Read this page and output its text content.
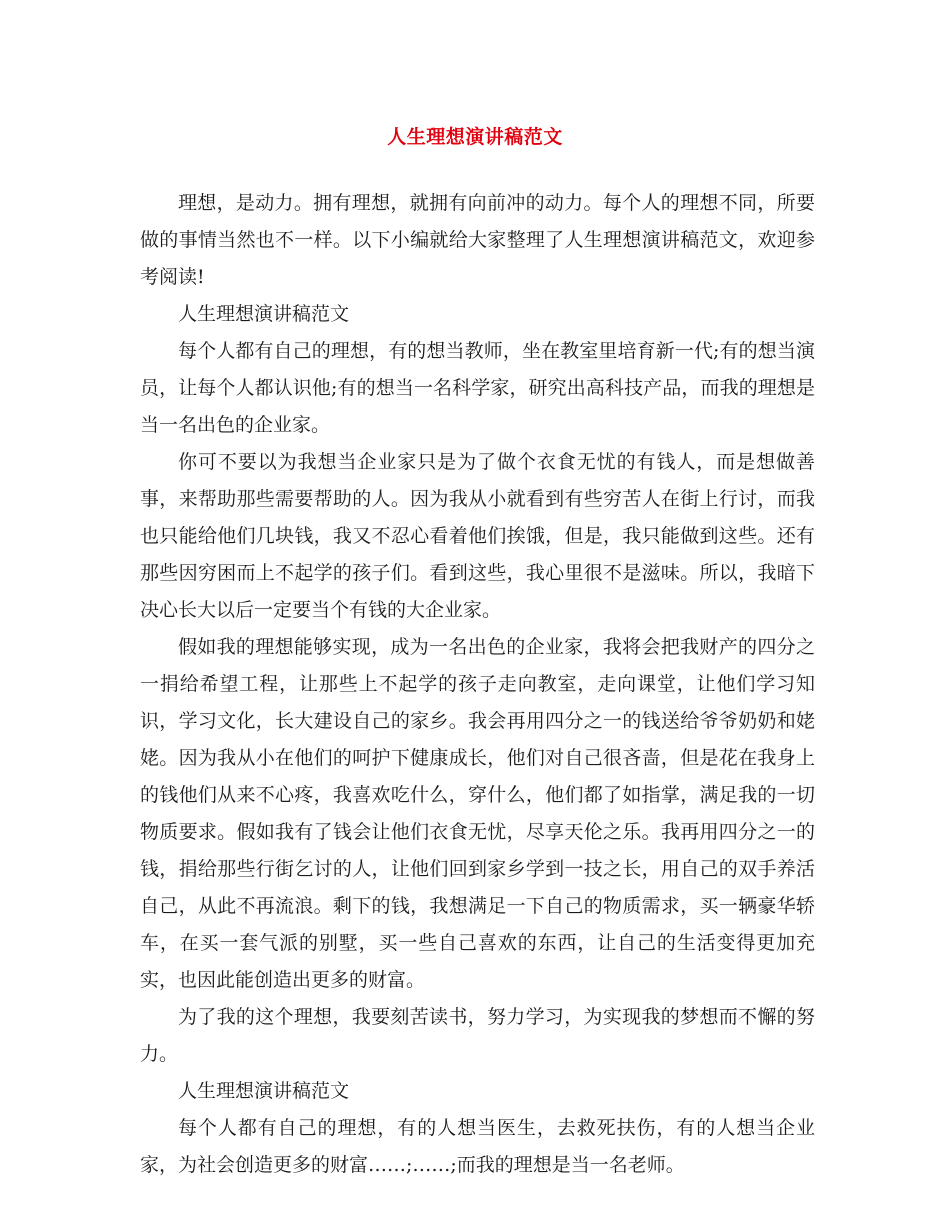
人生理想演讲稿范文

理想，是动力。拥有理想，就拥有向前冲的动力。每个人的理想不同，所要做的事情当然也不一样。以下小编就给大家整理了人生理想演讲稿范文，欢迎参考阅读!

人生理想演讲稿范文

每个人都有自己的理想，有的想当教师，坐在教室里培育新一代;有的想当演员，让每个人都认识他;有的想当一名科学家，研究出高科技产品，而我的理想是当一名出色的企业家。

你可不要以为我想当企业家只是为了做个衣食无忧的有钱人，而是想做善事，来帮助那些需要帮助的人。因为我从小就看到有些穷苦人在街上行讨，而我也只能给他们几块钱，我又不忍心看着他们挨饿，但是，我只能做到这些。还有那些因穷困而上不起学的孩子们。看到这些，我心里很不是滋味。所以，我暗下决心长大以后一定要当个有钱的大企业家。

假如我的理想能够实现，成为一名出色的企业家，我将会把我财产的四分之一捐给希望工程，让那些上不起学的孩子走向教室，走向课堂，让他们学习知识，学习文化，长大建设自己的家乡。我会再用四分之一的钱送给爷爷奶奶和姥姥。因为我从小在他们的呵护下健康成长，他们对自己很吝啬，但是花在我身上的钱他们从来不心疼，我喜欢吃什么，穿什么，他们都了如指掌，满足我的一切物质要求。假如我有了钱会让他们衣食无忧，尽享天伦之乐。我再用四分之一的钱，捐给那些行街乞讨的人，让他们回到家乡学到一技之长，用自己的双手养活自己，从此不再流浪。剩下的钱，我想满足一下自己的物质需求，买一辆豪华轿车，在买一套气派的别墅，买一些自己喜欢的东西，让自己的生活变得更加充实，也因此能创造出更多的财富。

为了我的这个理想，我要刻苦读书，努力学习，为实现我的梦想而不懈的努力。

人生理想演讲稿范文

每个人都有自己的理想，有的人想当医生，去救死扶伤，有的人想当企业家，为社会创造更多的财富……;……;而我的理想是当一名老师。
